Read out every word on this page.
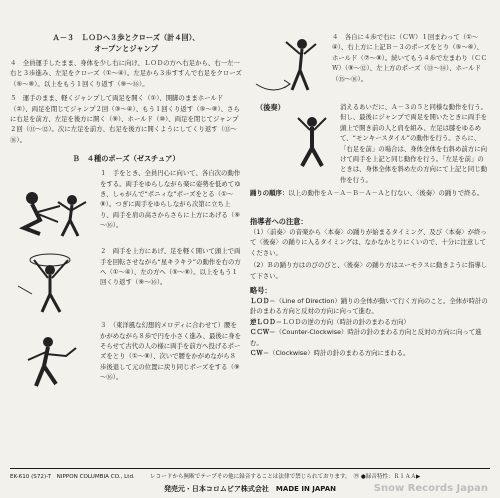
Ａ－３　ＬＯＤへ３歩とクローズ（計４回）、

オープンとジャンプ

４　全員運手したまま、身体を少し右に向け、ＬＯＤの方へ右足から、右一左一右と３歩進み、左足をクローズ（①～④）。左足から３歩すすんで右足をクローズ（⑤～⑧）。以上をもう１回くり返す（⑨～⑯）。

５　運手のまま、軽くジャンプして両足を開く（①）、開脚のままホールド（②）、両足を閉じてジャンプ２回（③～④）、もう１回くり返す（⑤～⑧）、さらに右足を前方、左足を後方に開く（⑨）、ホールド（⑩）、両足を閉じてジャンプ２回（⑪～⑫）。次に左足を前方、右足を後方に開くようにしてくり返す（⑬～⑯）。

Ｂ　４種のポーズ（ゼスチュア）

１　手をとき、全員円心に向いて、各自次の動作をする。両手をゆらしながら楽に姿勢を低めてゆき、しゃがんで“ポニィな”ポーズをとる（①～⑧）。つぎに両手をゆらしながら次第に立ち上り、両手を肩の高さからさらに上方にあげる（⑨～⑯）。

２　両手を上方にあげ、足を軽く開いて頭上で両手を回転させながら“星キラキラ”の動作を右の方へ（①～④）、左の方へ（⑤～⑧）。以上をもう１回くり返す（⑨～⑯）。

３　（東洋風な幻想的メロディに合わせて）腰をかがめながら８歩で円を小さく進み、最後に身をそらせて古代の人の様に両手を前方へ投げるポーズをとり（①～⑧）、次いで腰をかがめながら８歩後退して元の位置に戻り同じポーズをする（⑨～⑯）。

４　各自に４歩で右に（ＣＷ）１回まわって（①～④）、右上方に上記Ｂ－３のポーズをとり（⑤～⑥）、ホールド（⑦～⑧）。続いてもう４歩で左まわり（ＣＣＷ）（⑨～⑫）、左上方のポーズ（⑬～⑭）、ホールド（⑮～⑯）。

（後奏）	消えるあいだに、Ａ－３の５と同様な動作を行う。但し、最後にジャンプで両足を開いたときに両手を頭上で開き前の人と肩を組み、左足は膝をゆるめて、“モンキースタイル”の動作を行う。さらに、「右足を前」の場合は、身体全体を右斜め前方に向けて両手を上記と同じ動作を行う。「左足を前」のときは、身体全体を斜め左の方向にて上記と同じ動作を行う。

踊りの順序：以上の動作をＡ－Ａ－Ｂ－Ａ－Ａと行ない、〈後奏〉の踊りで終る。

指導者への注意：

（1）〈前奏〉の音楽から〈本奏〉の踊りが始まるタイミング、及び〈本奏〉が終って〈後奏〉の踊りに入るタイミングは、なかなかとりにくいので、十分に注意してください。

（2）Ｂの踊り方はのびのびと、〈後奏〉の踊り方はユーモラスに動きように指導して下さい。

略号：

ＬＯＤ＝（Line of Direction）踊りの全体が動いて行く方向のこと。全体が時計の針のまわる方向と反対の方向に向って進む。

逆ＬＯＤ＝ＬＯＤの逆の方向（時計の針のまわる方向）

ＣＣＷ＝（Counter-Clockwise）時計の針のまわる方向と反対の方向に向って進む。

ＣＷ＝（Clockwise）時計の針のまわる方向にまわる。

EK-610 (S72)-T　NIPPON COLUMBIA CO., Ltd.	レコードから無断でテープその他に録音することは法律で禁じられております。　⑲ ●録音特性：ＲＩＡＡ▶
発売元・日本コロムビア株式会社　MADE IN JAPAN	Snow Records Japan
